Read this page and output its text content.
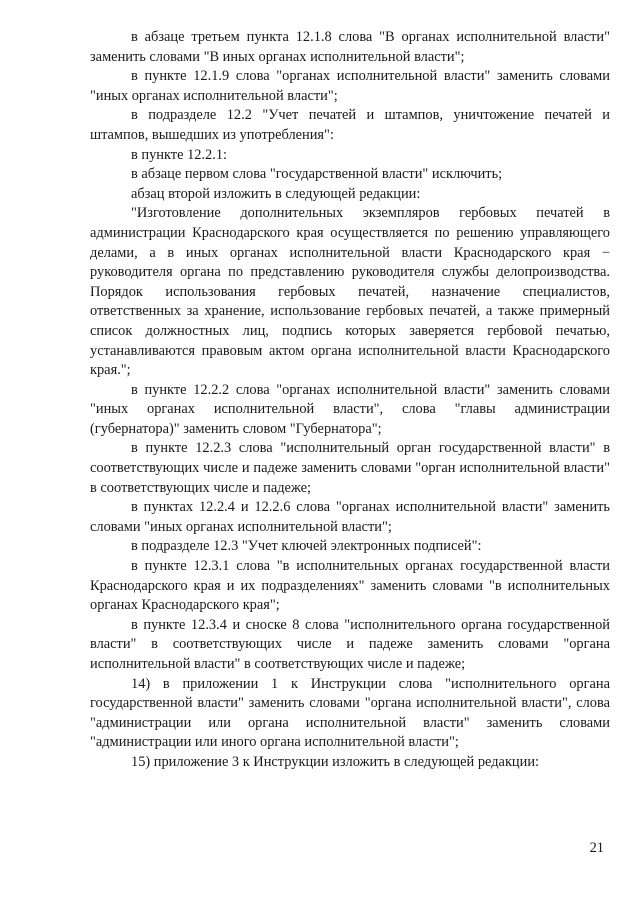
в абзаце третьем пункта 12.1.8 слова "В органах исполнительной власти" заменить словами "В иных органах исполнительной власти";

в пункте 12.1.9 слова "органах исполнительной власти" заменить словами "иных органах исполнительной власти";

в подразделе 12.2 "Учет печатей и штампов, уничтожение печатей и штампов, вышедших из употребления":

в пункте 12.2.1:

в абзаце первом слова "государственной власти" исключить;

абзац второй изложить в следующей редакции:

"Изготовление дополнительных экземпляров гербовых печатей в администрации Краснодарского края осуществляется по решению управляющего делами, а в иных органах исполнительной власти Краснодарского края − руководителя органа по представлению руководителя службы делопроизводства. Порядок использования гербовых печатей, назначение специалистов, ответственных за хранение, использование гербовых печатей, а также примерный список должностных лиц, подпись которых заверяется гербовой печатью, устанавливаются правовым актом органа исполнительной власти Краснодарского края.";

в пункте 12.2.2 слова "органах исполнительной власти" заменить словами "иных органах исполнительной власти", слова "главы администрации (губернатора)" заменить словом "Губернатора";

в пункте 12.2.3 слова "исполнительный орган государственной власти" в соответствующих числе и падеже заменить словами "орган исполнительной власти" в соответствующих числе и падеже;

в пунктах 12.2.4 и 12.2.6 слова "органах исполнительной власти" заменить словами "иных органах исполнительной власти";

в подразделе 12.3 "Учет ключей электронных подписей":

в пункте 12.3.1 слова "в исполнительных органах государственной власти Краснодарского края и их подразделениях" заменить словами "в исполнительных органах Краснодарского края";

в пункте 12.3.4 и сноске 8 слова "исполнительного органа государственной власти" в соответствующих числе и падеже заменить словами "органа исполнительной власти" в соответствующих числе и падеже;

14) в приложении 1 к Инструкции слова "исполнительного органа государственной власти" заменить словами "органа исполнительной власти", слова "администрации или органа исполнительной власти" заменить словами "администрации или иного органа исполнительной власти";

15) приложение 3 к Инструкции изложить в следующей редакции:

21
